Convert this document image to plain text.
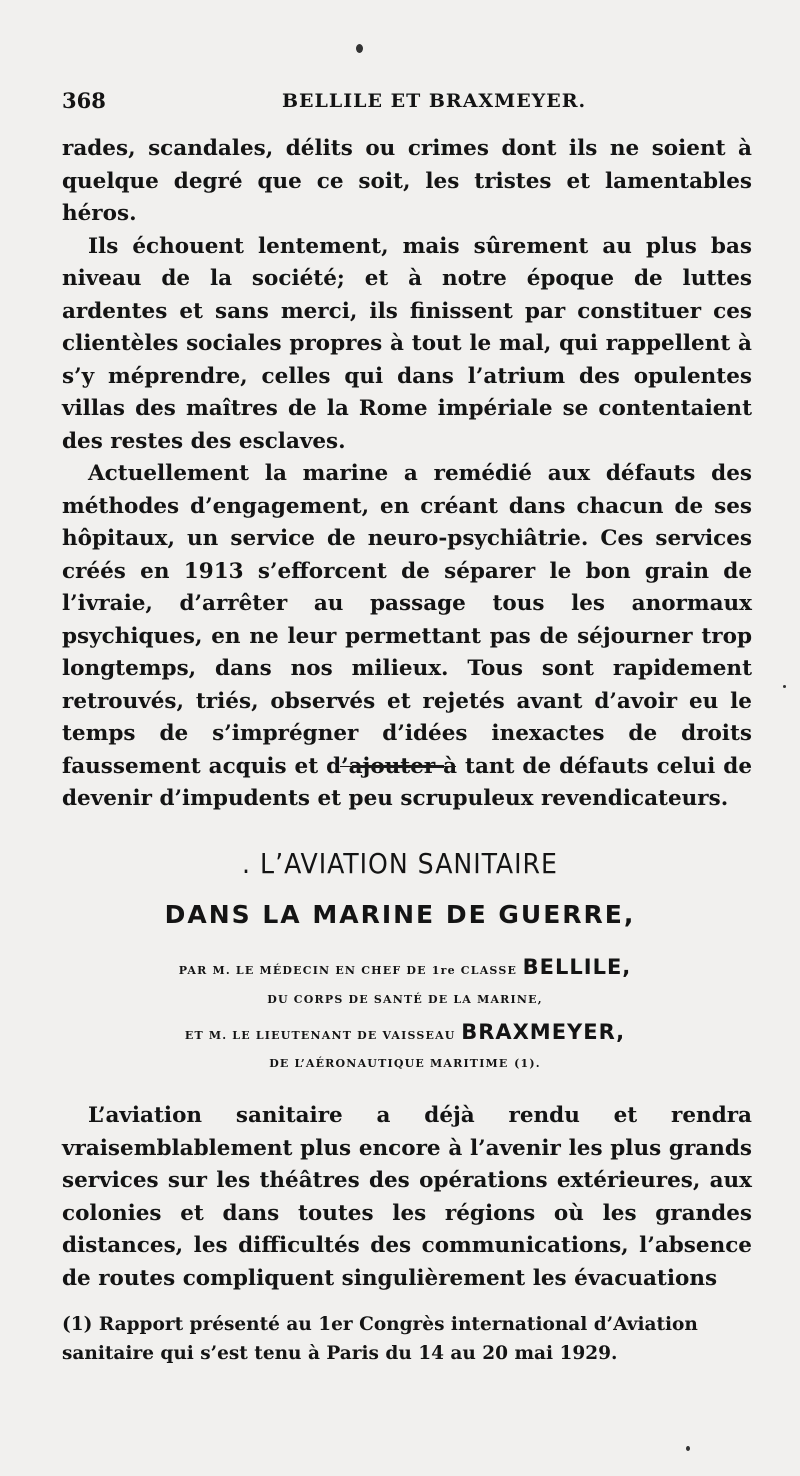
368	BELLILE ET BRAXMEYER.

rades, scandales, délits ou crimes dont ils ne soient à quelque degré que ce soit, les tristes et lamentables héros.

Ils échouent lentement, mais sûrement au plus bas niveau de la société; et à notre époque de luttes ardentes et sans merci, ils finissent par constituer ces clientèles sociales propres à tout le mal, qui rappellent à s’y méprendre, celles qui dans l’atrium des opulentes villas des maîtres de la Rome impériale se contentaient des restes des esclaves.

Actuellement la marine a remédié aux défauts des méthodes d’engagement, en créant dans chacun de ses hôpitaux, un service de neuro-psychiâtrie. Ces services créés en 1913 s’efforcent de séparer le bon grain de l’ivraie, d’arrêter au passage tous les anormaux psychiques, en ne leur permettant pas de séjourner trop longtemps, dans nos milieux. Tous sont rapidement retrouvés, triés, observés et rejetés avant d’avoir eu le temps de s’imprégner d’idées inexactes de droits faussement acquis et d’ajouter à tant de défauts celui de devenir d’impudents et peu scrupuleux revendicateurs.

. L’AVIATION SANITAIRE
DANS LA MARINE DE GUERRE,
PAR M. LE MÉDECIN EN CHEF DE 1re CLASSE BELLILE,
DU CORPS DE SANTÉ DE LA MARINE,
ET M. LE LIEUTENANT DE VAISSEAU BRAXMEYER,
DE L’AÉRONAUTIQUE MARITIME (1).

L’aviation sanitaire a déjà rendu et rendra vraisemblablement plus encore à l’avenir les plus grands services sur les théâtres des opérations extérieures, aux colonies et dans toutes les régions où les grandes distances, les difficultés des communications, l’absence de routes compliquent singulièrement les évacuations

(1) Rapport présenté au 1er Congrès international d’Aviation sanitaire qui s’est tenu à Paris du 14 au 20 mai 1929.
